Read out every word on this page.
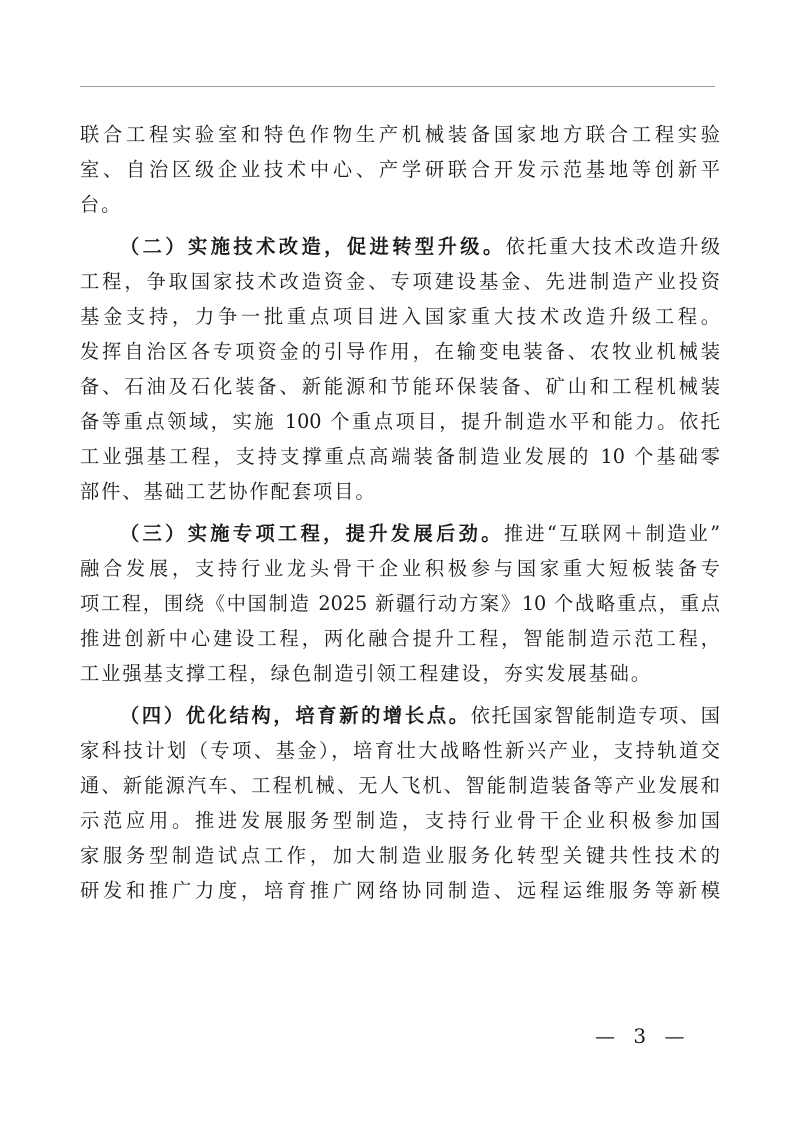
联合工程实验室和特色作物生产机械装备国家地方联合工程实验
室、自治区级企业技术中心、产学研联合开发示范基地等创新平
台。
（二）实施技术改造，促进转型升级。依托重大技术改造升级
工程，争取国家技术改造资金、专项建设基金、先进制造产业投资
基金支持，力争一批重点项目进入国家重大技术改造升级工程。
发挥自治区各专项资金的引导作用，在输变电装备、农牧业机械装
备、石油及石化装备、新能源和节能环保装备、矿山和工程机械装
备等重点领域，实施 100 个重点项目，提升制造水平和能力。依托
工业强基工程，支持支撑重点高端装备制造业发展的 10 个基础零
部件、基础工艺协作配套项目。
（三）实施专项工程，提升发展后劲。推进“互联网＋制造业”
融合发展，支持行业龙头骨干企业积极参与国家重大短板装备专
项工程，围绕《中国制造 2025 新疆行动方案》10 个战略重点，重点
推进创新中心建设工程，两化融合提升工程，智能制造示范工程，
工业强基支撑工程，绿色制造引领工程建设，夯实发展基础。
（四）优化结构，培育新的增长点。依托国家智能制造专项、国
家科技计划（专项、基金），培育壮大战略性新兴产业，支持轨道交
通、新能源汽车、工程机械、无人飞机、智能制造装备等产业发展和
示范应用。推进发展服务型制造，支持行业骨干企业积极参加国
家服务型制造试点工作，加大制造业服务化转型关键共性技术的
研发和推广力度，培育推广网络协同制造、远程运维服务等新模
— 3 —
